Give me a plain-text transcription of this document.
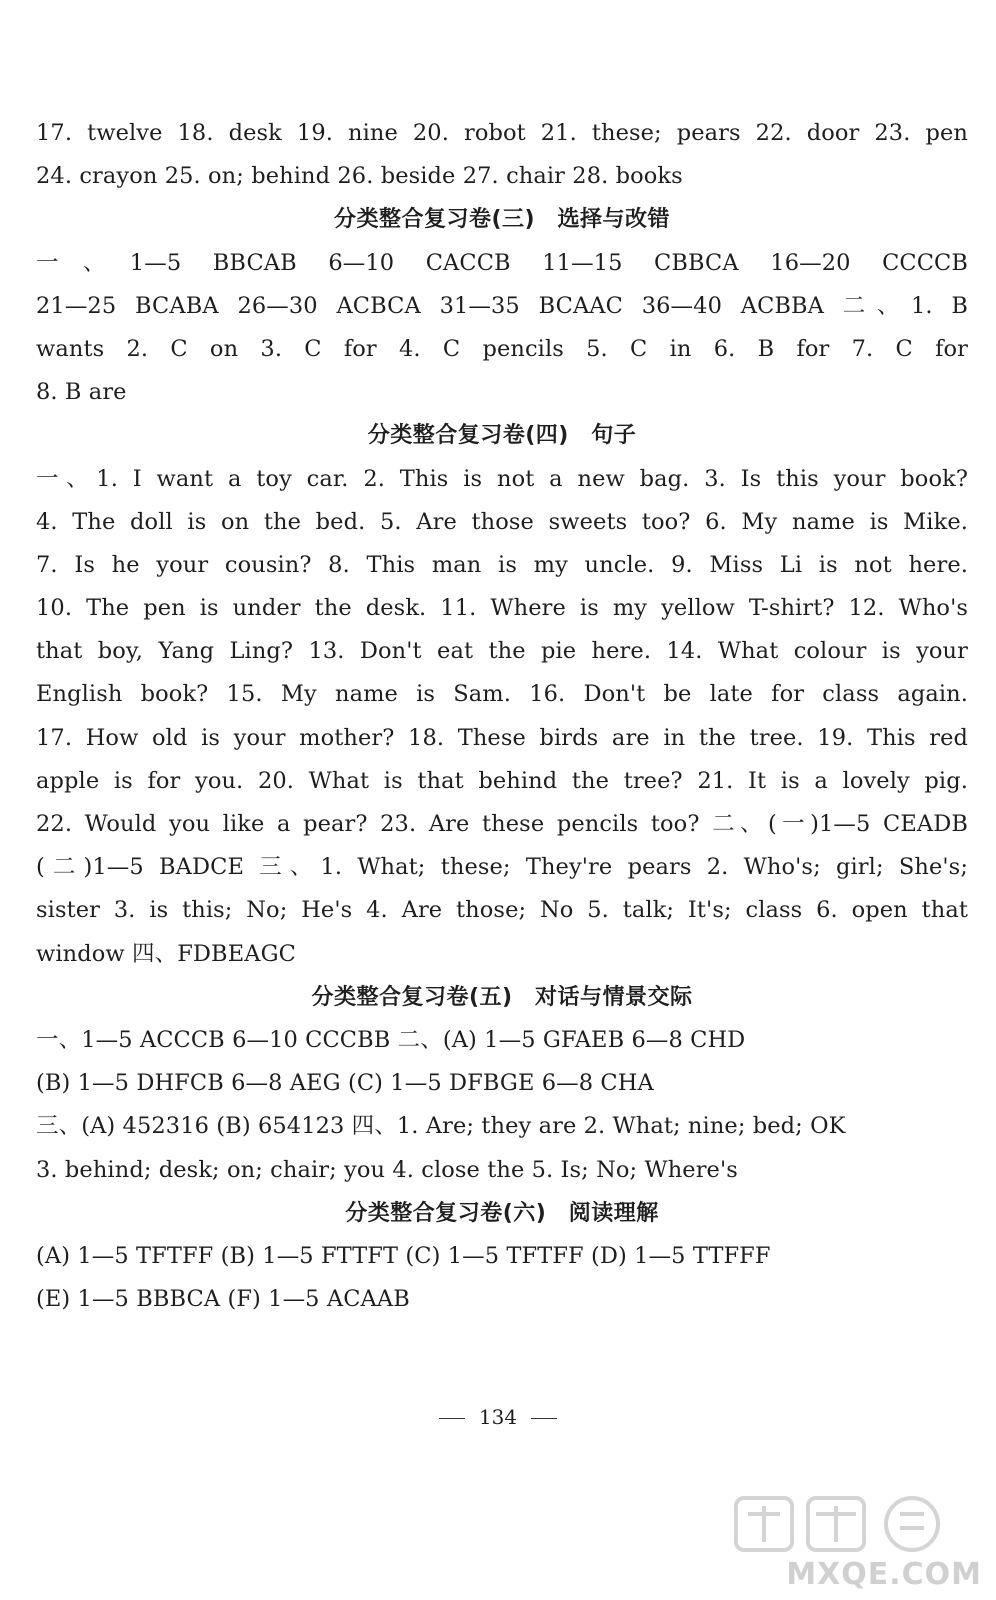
17. twelve 18. desk 19. nine 20. robot 21. these; pears 22. door 23. pen
24. crayon 25. on; behind 26. beside 27. chair 28. books
分类整合复习卷(三)　选择与改错
一、1—5 BBCAB 6—10 CACCB 11—15 CBBCA 16—20 CCCCB
21—25 BCABA 26—30 ACBCA 31—35 BCAAC 36—40 ACBBA 二、1. B
wants 2. C on 3. C for 4. C pencils 5. C in 6. B for 7. C for
8. B are
分类整合复习卷(四)　句子
一、1. I want a toy car. 2. This is not a new bag. 3. Is this your book?
4. The doll is on the bed. 5. Are those sweets too? 6. My name is Mike.
7. Is he your cousin? 8. This man is my uncle. 9. Miss Li is not here.
10. The pen is under the desk. 11. Where is my yellow T-shirt? 12. Who's
that boy, Yang Ling? 13. Don't eat the pie here. 14. What colour is your
English book? 15. My name is Sam. 16. Don't be late for class again.
17. How old is your mother? 18. These birds are in the tree. 19. This red
apple is for you. 20. What is that behind the tree? 21. It is a lovely pig.
22. Would you like a pear? 23. Are these pencils too? 二、(一)1—5 CEADB
(二)1—5 BADCE 三、1. What; these; They're pears 2. Who's; girl; She's;
sister 3. is this; No; He's 4. Are those; No 5. talk; It's; class 6. open that
window 四、FDBEAGC
分类整合复习卷(五)　对话与情景交际
一、1—5 ACCCB 6—10 CCCBB 二、(A) 1—5 GFAEB 6—8 CHD
(B) 1—5 DHFCB 6—8 AEG (C) 1—5 DFBGE 6—8 CHA
三、(A) 452316 (B) 654123 四、1. Are; they are 2. What; nine; bed; OK
3. behind; desk; on; chair; you 4. close the 5. Is; No; Where's
分类整合复习卷(六)　阅读理解
(A) 1—5 TFTFF (B) 1—5 FTTFT (C) 1—5 TFTFF (D) 1—5 TTFFF
(E) 1—5 BBBCA (F) 1—5 ACAAB
134
MXQE.COM
